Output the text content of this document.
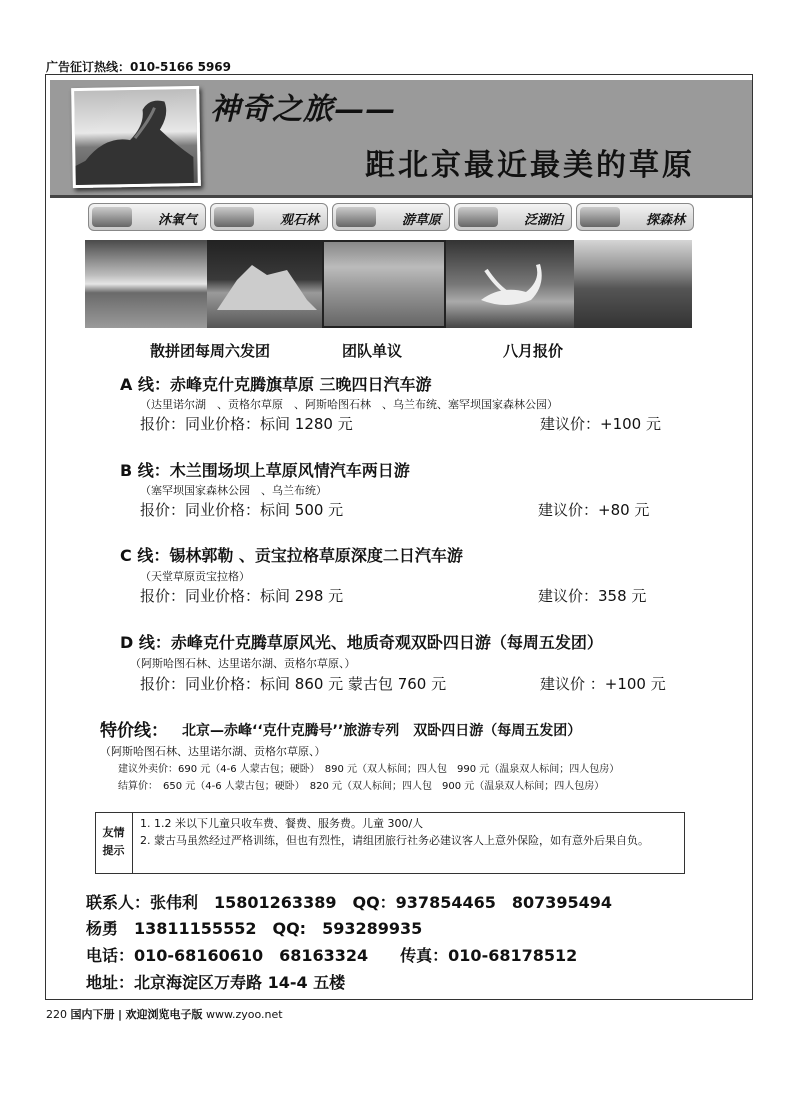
广告征订热线：010-5166 5969
神奇之旅——
距北京最近最美的草原
沐氧气	观石林	游草原	泛湖泊	探森林
散拼团每周六发团	团队单议	八月报价
A 线：赤峰克什克腾旗草原 三晚四日汽车游
（达里诺尔湖　、贡格尔草原　、阿斯哈图石林　、乌兰布统、塞罕坝国家森林公园）
报价：同业价格：标间 1280 元	建议价：+100 元
B 线：木兰围场坝上草原风情汽车两日游
（塞罕坝国家森林公园　、乌兰布统）
报价：同业价格：标间 500 元	建议价：+80 元
C 线：锡林郭勒 、贡宝拉格草原深度二日汽车游
（天堂草原贡宝拉格）
报价：同业价格：标间 298 元	建议价：358 元
D 线：赤峰克什克腾草原风光、地质奇观双卧四日游（每周五发团）
（阿斯哈图石林、达里诺尔湖、贡格尔草原、）
报价：同业价格：标间 860 元 蒙古包 760 元	建议价 ：+100 元
特价线： 北京—赤峰‘‘克什克腾号’’旅游专列　双卧四日游（每周五发团）
（阿斯哈图石林、达里诺尔湖、贡格尔草原、）
建议外卖价：690 元（4-6 人蒙古包；硬卧）　890 元（双人标间；四人包　990 元（温泉双人标间；四人包房）
结算价：　650 元（4-6 人蒙古包；硬卧）　820 元（双人标间；四人包　900 元（温泉双人标间；四人包房）
友情
提示
1. 1.2 米以下儿童只收车费、餐费、服务费。儿童 300/人
2. 蒙古马虽然经过严格训练，但也有烈性，请组团旅行社务必建议客人上意外保险，如有意外后果自负。
联系人：张伟利　15801263389　QQ：937854465　807395494
杨勇　13811155552　QQ:　593289935
电话：010-68160610　68163324　　传真：010-68178512
地址：北京海淀区万寿路 14-4 五楼
220 国内下册 | 欢迎浏览电子版 www.zyoo.net
